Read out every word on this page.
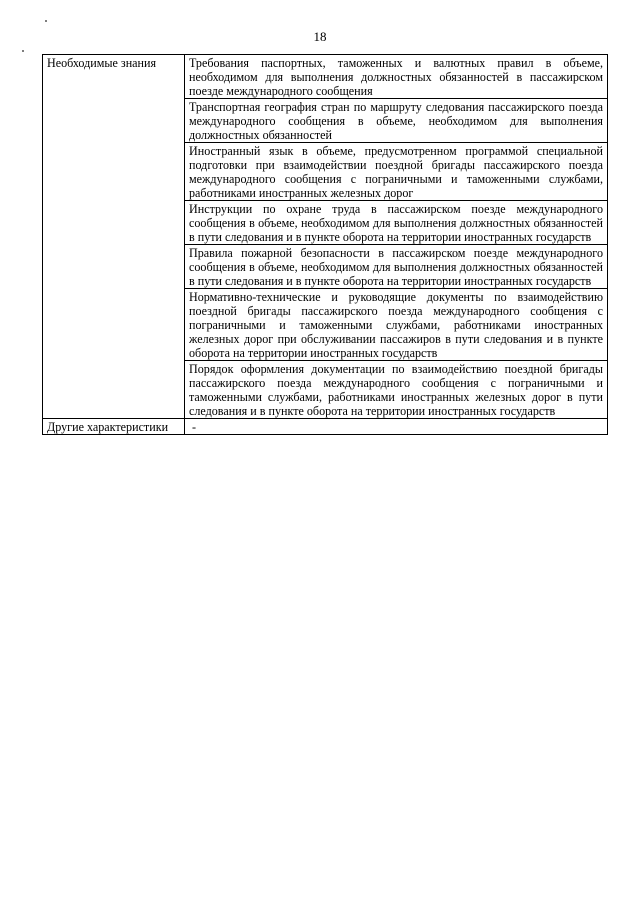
18
Необходимые знания	Требования паспортных, таможенных и валютных правил в объеме, необходимом для выполнения должностных обязанностей в пассажирском поезде международного сообщения
	Транспортная география стран по маршруту следования пассажирского поезда международного сообщения в объеме, необходимом для выполнения должностных обязанностей
	Иностранный язык в объеме, предусмотренном программой специальной подготовки при взаимодействии поездной бригады пассажирского поезда международного сообщения с пограничными и таможенными службами, работниками иностранных железных дорог
	Инструкции по охране труда в пассажирском поезде международного сообщения в объеме, необходимом для выполнения должностных обязанностей в пути следования и в пункте оборота на территории иностранных государств
	Правила пожарной безопасности в пассажирском поезде международного сообщения в объеме, необходимом для выполнения должностных обязанностей в пути следования и в пункте оборота на территории иностранных государств
	Нормативно-технические и руководящие документы по взаимодействию поездной бригады пассажирского поезда международного сообщения с пограничными и таможенными службами, работниками иностранных железных дорог при обслуживании пассажиров в пути следования и в пункте оборота на территории иностранных государств
	Порядок оформления документации по взаимодействию поездной бригады пассажирского поезда международного сообщения с пограничными и таможенными службами, работниками иностранных железных дорог в пути следования и в пункте оборота на территории иностранных государств
Другие характеристики	-
